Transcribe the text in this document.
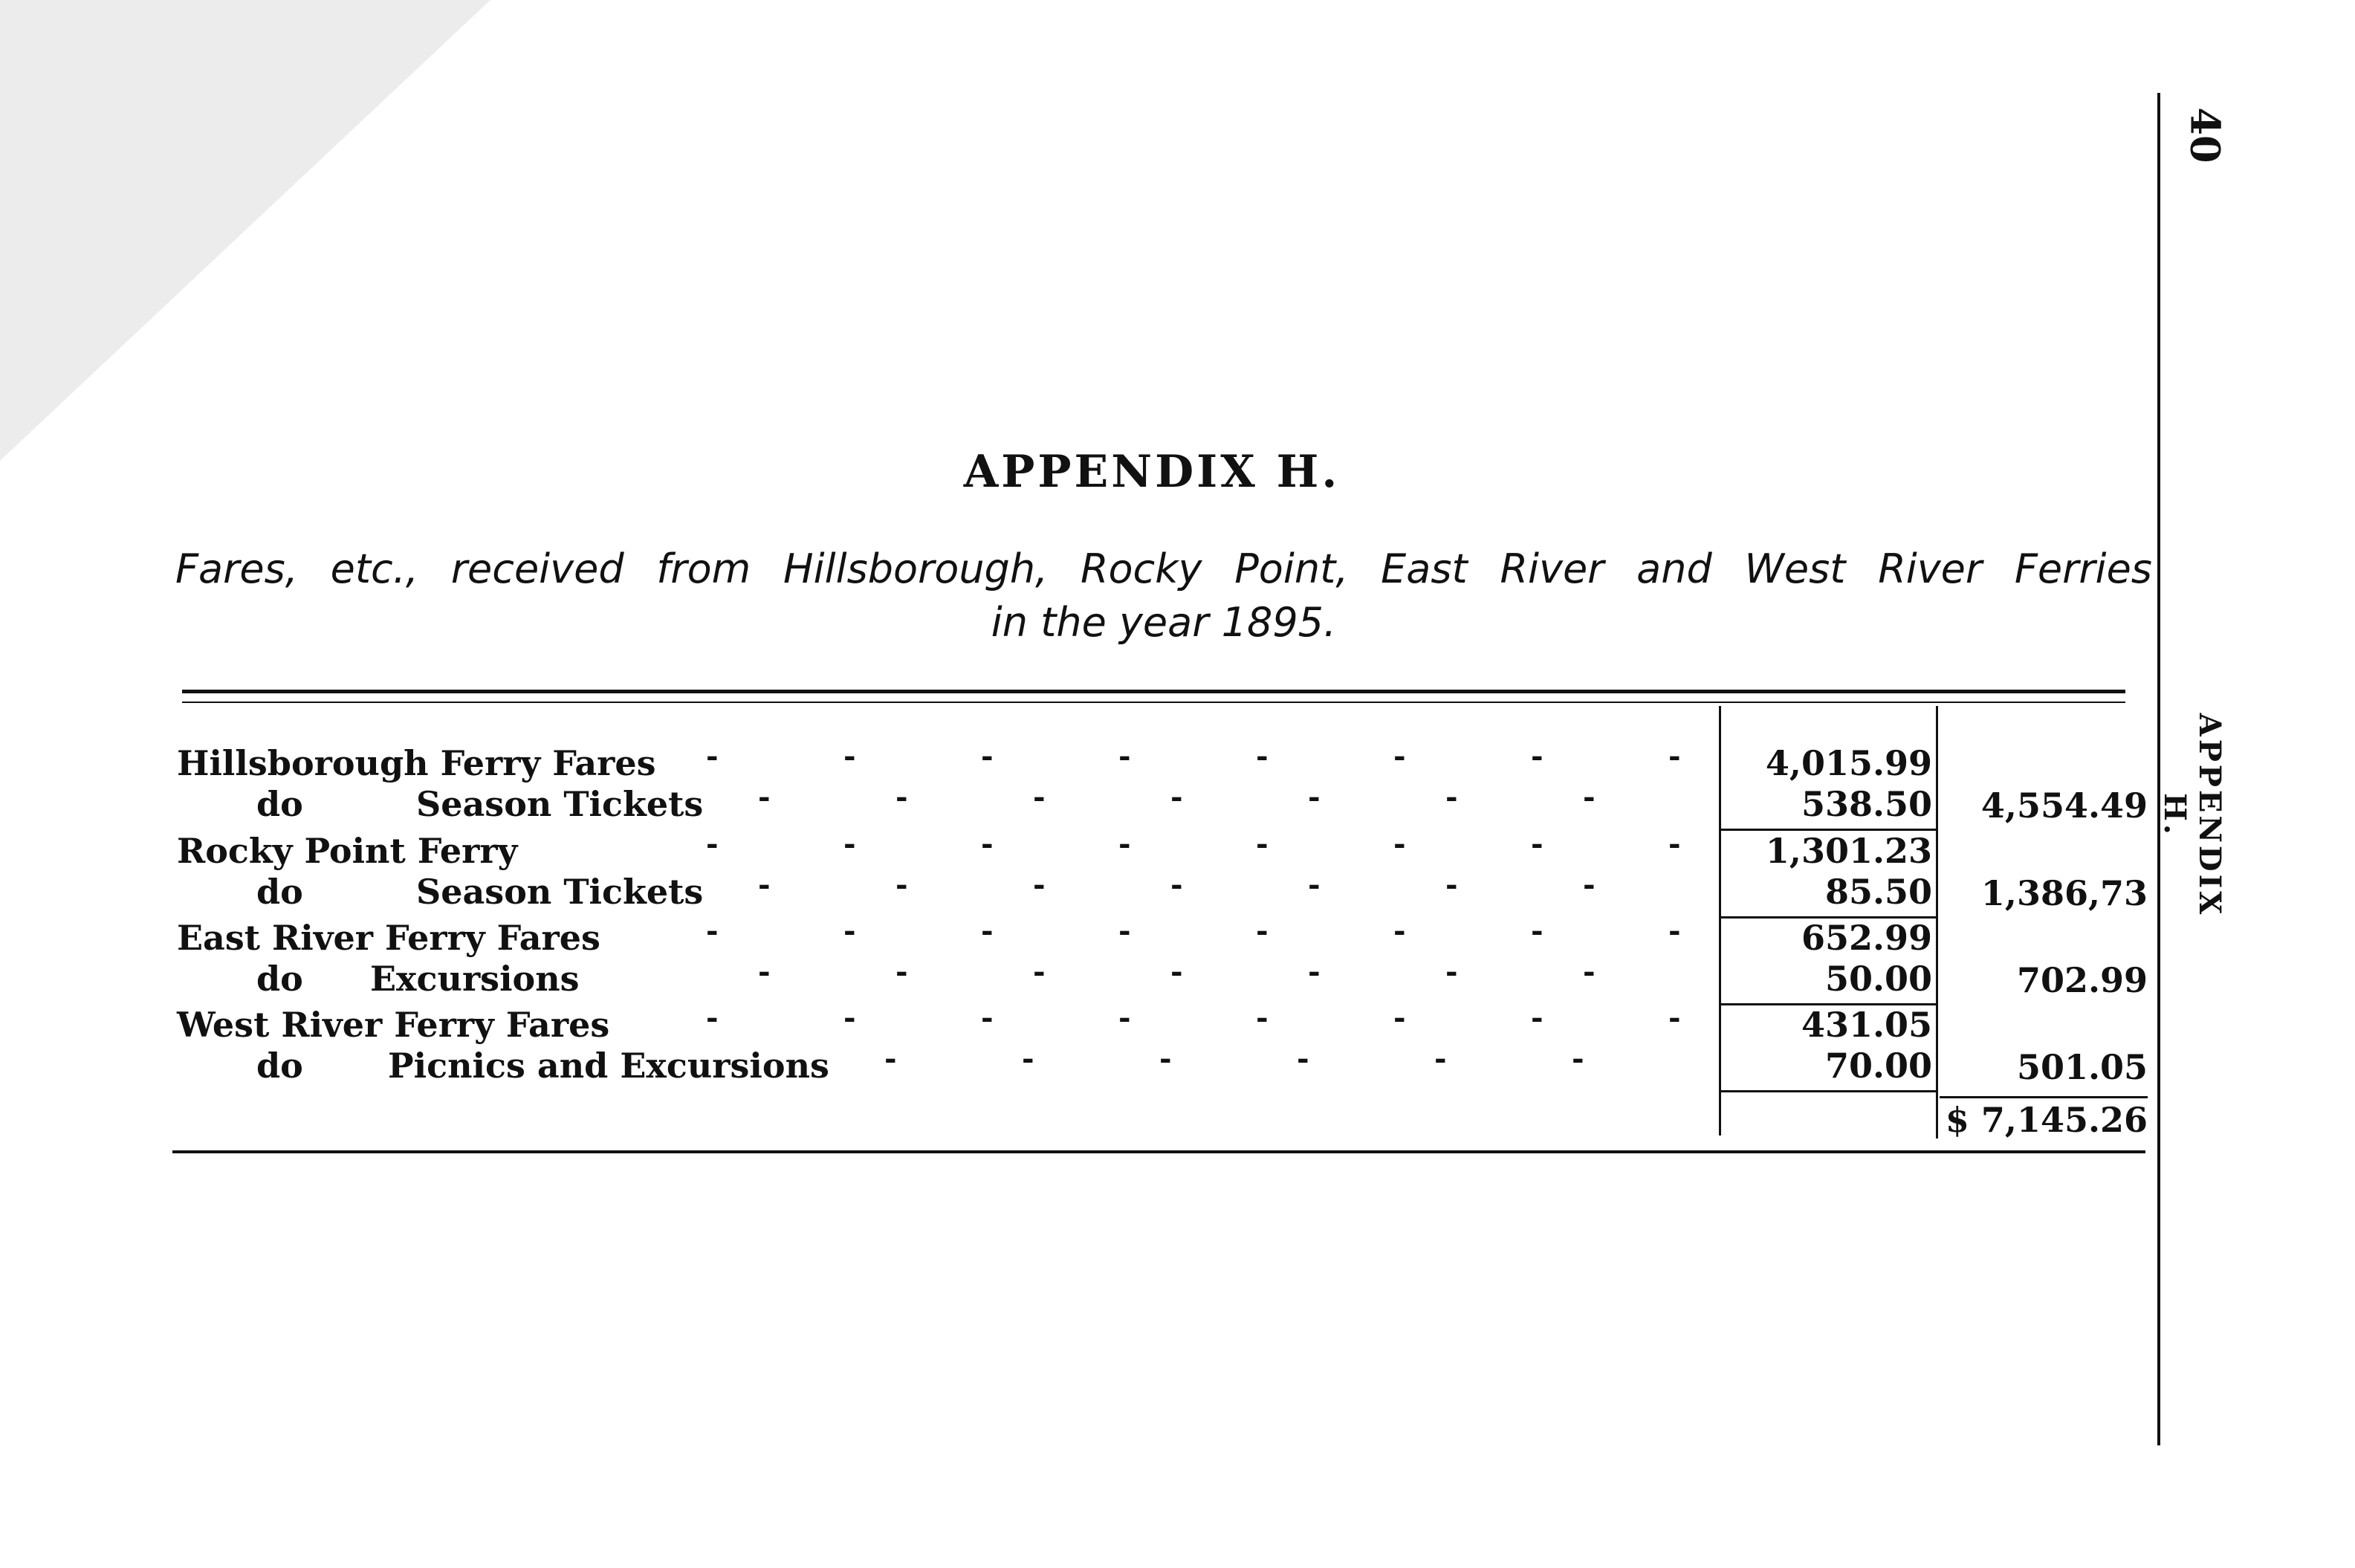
40
APPENDIX H.
APPENDIX H.
Fares, etc., received from Hillsborough, Rocky Point, East River and West River Ferries
in the year 1895.
Hillsborough Ferry Fares -	-	-	-	-	-	-	-	4,015.99
do	Season Tickets -	-	-	-	-	-	-	538.50	4,554.49
Rocky Point Ferry	-	-	-	-	-	-	-	-	1,301.23
do	Season Tickets -	-	-	-	-	-	-	85.50	1,386,73
East River Ferry Fares	-	-	-	-	-	-	-	-	652.99
do Excursions	-	-	-	-	-	-	-	50.00	702.99
West River Ferry Fares	-	-	-	-	-	-	-	-	431.05
do Picnics and Excursions -	-	-	-	-	-	70.00	501.05
$ 7,145.26
